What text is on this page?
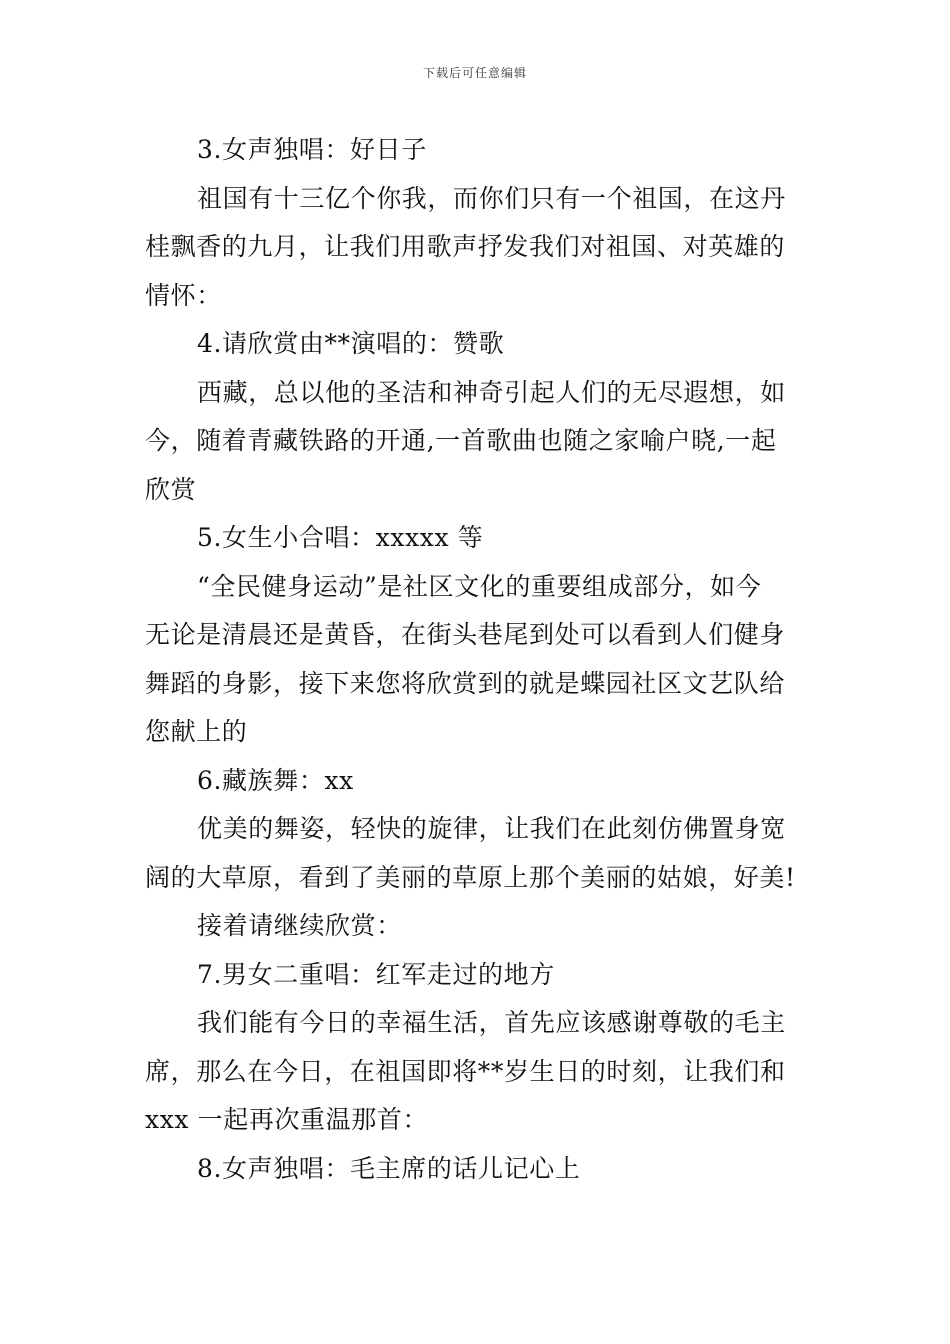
下载后可任意编辑
3.女声独唱：好日子
祖国有十三亿个你我，而你们只有一个祖国，在这丹
桂飘香的九月，让我们用歌声抒发我们对祖国、对英雄的
情怀：
4.请欣赏由**演唱的：赞歌
西藏，总以他的圣洁和神奇引起人们的无尽遐想，如
今，随着青藏铁路的开通,一首歌曲也随之家喻户晓,一起
欣赏
5.女生小合唱：xxxxx 等
“全民健身运动”是社区文化的重要组成部分，如今
无论是清晨还是黄昏，在街头巷尾到处可以看到人们健身
舞蹈的身影，接下来您将欣赏到的就是蝶园社区文艺队给
您献上的
6.藏族舞：xx
优美的舞姿，轻快的旋律，让我们在此刻仿佛置身宽
阔的大草原，看到了美丽的草原上那个美丽的姑娘，好美!
接着请继续欣赏：
7.男女二重唱：红军走过的地方
我们能有今日的幸福生活，首先应该感谢尊敬的毛主
席，那么在今日，在祖国即将**岁生日的时刻，让我们和
xxx 一起再次重温那首：
8.女声独唱：毛主席的话儿记心上
